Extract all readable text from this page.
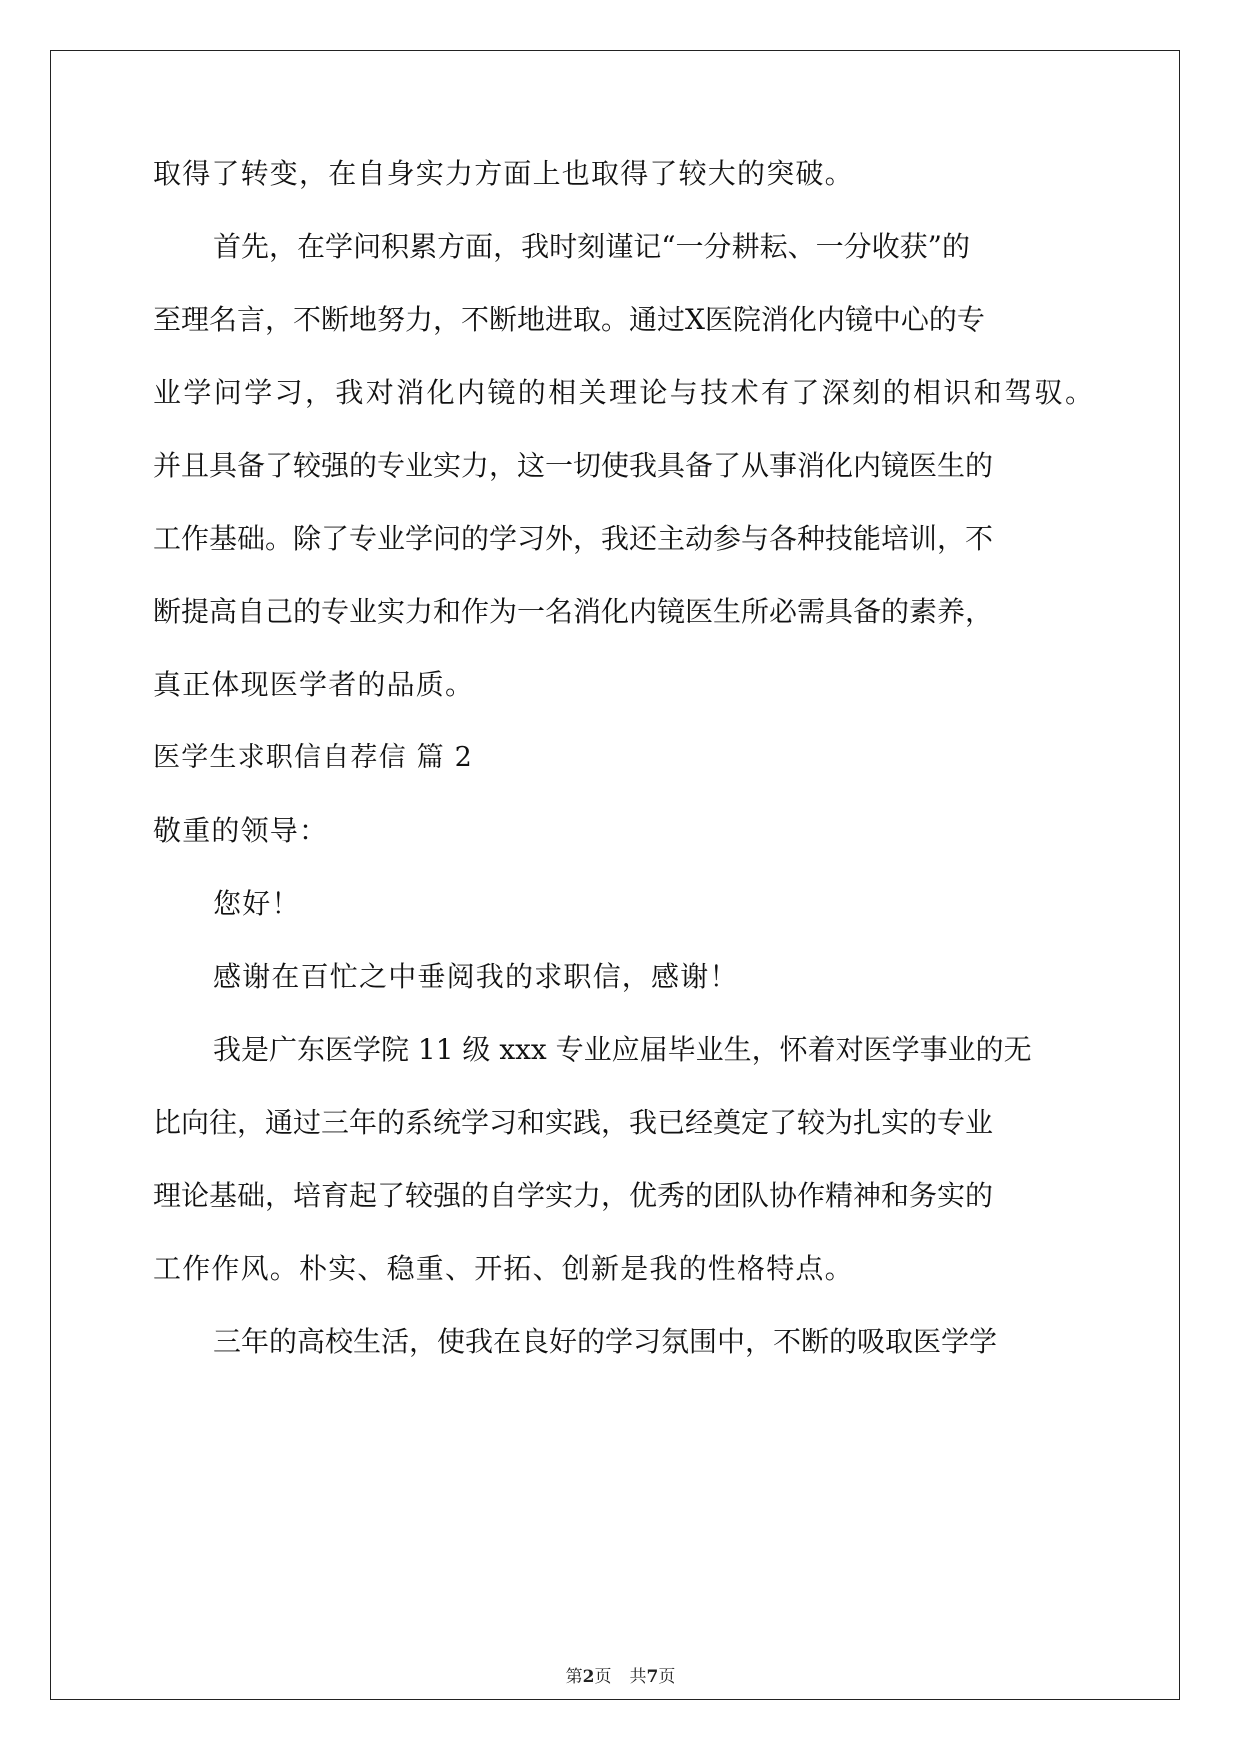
取得了转变，在自身实力方面上也取得了较大的突破。
首先，在学问积累方面，我时刻谨记“一分耕耘、一分收获”的
至理名言，不断地努力，不断地进取。通过X医院消化内镜中心的专
业学问学习，我对消化内镜的相关理论与技术有了深刻的相识和驾驭。
并且具备了较强的专业实力，这一切使我具备了从事消化内镜医生的
工作基础。除了专业学问的学习外，我还主动参与各种技能培训，不
断提高自己的专业实力和作为一名消化内镜医生所必需具备的素养，
真正体现医学者的品质。
医学生求职信自荐信 篇 2
敬重的领导：
您好！
感谢在百忙之中垂阅我的求职信，感谢！
我是广东医学院 11 级 xxx 专业应届毕业生，怀着对医学事业的无
比向往，通过三年的系统学习和实践，我已经奠定了较为扎实的专业
理论基础，培育起了较强的自学实力，优秀的团队协作精神和务实的
工作作风。朴实、稳重、开拓、创新是我的性格特点。
三年的高校生活，使我在良好的学习氛围中，不断的吸取医学学
第2页 共7页
